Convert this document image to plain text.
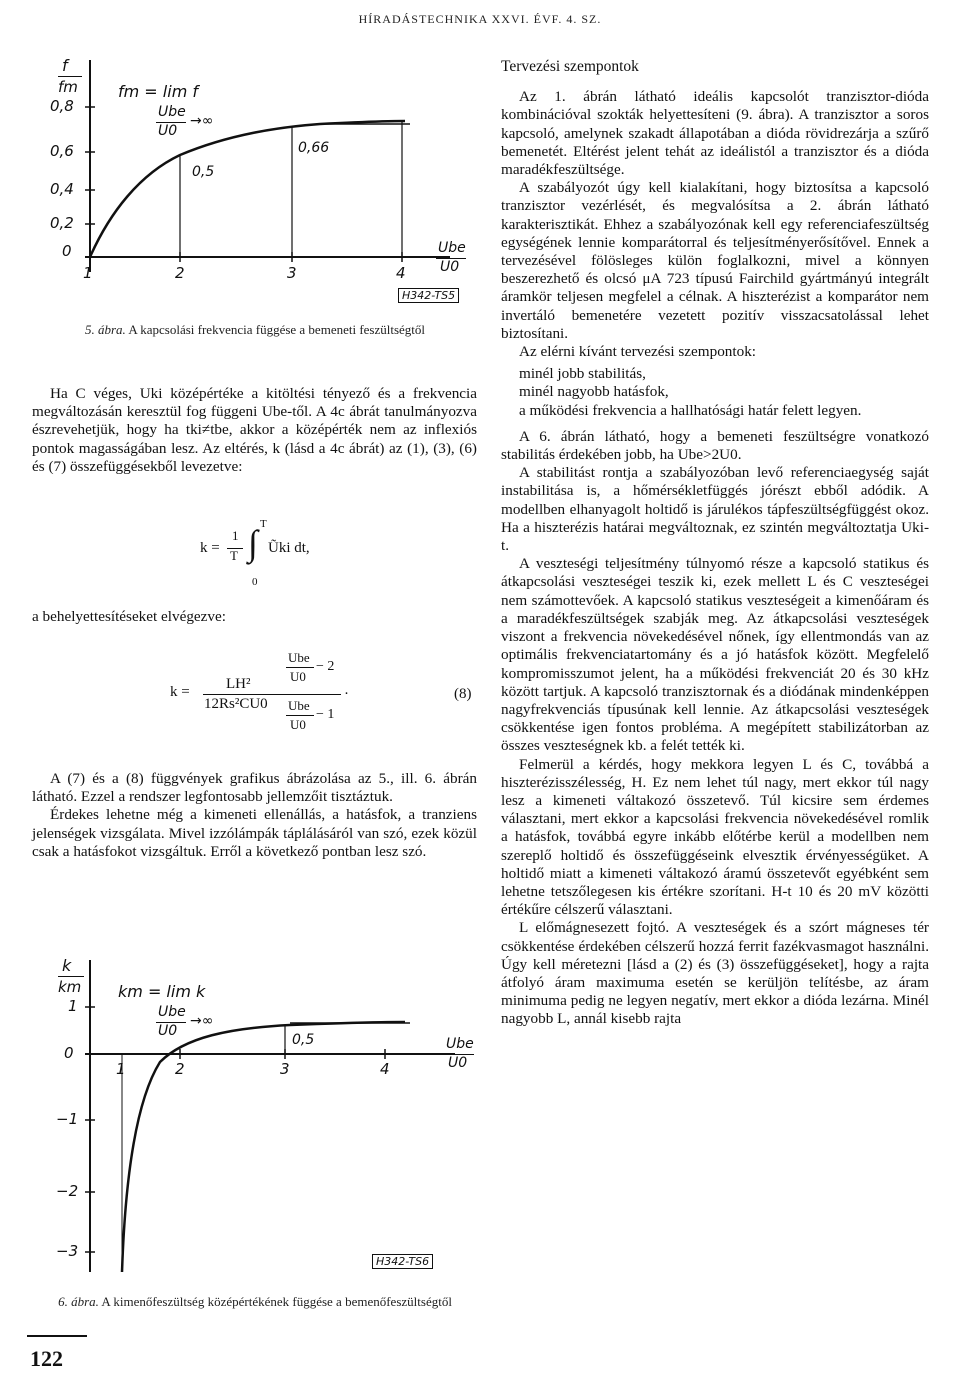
HÍRADÁSTECHNIKA XXVI. ÉVF. 4. SZ.
f
fm
0,8
0,6
0,4
0,2
0
1	2	3	4
fm = lim f
Ube
U0
→∞
0,5
0,66
Ube
U0
H342-TS5
5. ábra. A kapcsolási frekvencia függése a bemeneti feszültségtől

Ha C véges, Uki középértéke a kitöltési tényező és a frekvencia megváltozásán keresztül fog függeni Ube-től. A 4c ábrát tanulmányozva észrevehetjük, hogy ha tki≠tbe, akkor a középérték nem az inflexiós pontok magasságában lesz. Az eltérés, k (lásd a 4c ábrát) az (1), (3), (6) és (7) összefüggésekből levezetve:

k =
1
T
T
∫
0
Ũki dt,

a behelyettesítéseket elvégezve:

k = LH²
12Rs²CU0
Ube
U0
− 2
Ube
U0
− 1
·	(8)

A (7) és a (8) függvények grafikus ábrázolása az 5., ill. 6. ábrán látható. Ezzel a rendszer legfontosabb jellemzőit tisztáztuk.

Érdekes lehetne még a kimeneti ellenállás, a hatásfok, a tranziens jelenségek vizsgálata. Mivel izzólámpák táplálásáról van szó, ezek közül csak a hatásfokot vizsgáltuk. Erről a következő pontban lesz szó.

k
km
1
0
−1
−2
−3
1	2	3	4
km = lim k
Ube
U0
→∞
0,5	Ube
U0
H342-TS6
6. ábra. A kimenőfeszültség középértékének függése a bemenőfeszültségtől
122
Tervezési szempontok

Az 1. ábrán látható ideális kapcsolót tranzisztor-dióda kombinációval szokták helyettesíteni (9. ábra). A tranzisztor a soros kapcsoló, amelynek szakadt állapotában a dióda rövidrezárja a szűrő bemenetét. Eltérést jelent tehát az ideálistól a tranzisztor és a dióda maradékfeszültsége.

A szabályozót úgy kell kialakítani, hogy biztosítsa a kapcsoló tranzisztor vezérlését, és megvalósítsa a 2. ábrán látható karakterisztikát. Ehhez a szabályozónak kell egy referenciafeszültség egységének lennie komparátorral és teljesítményerősítővel. Ennek a tervezésével fölösleges külön foglalkozni, mivel a könnyen beszerezhető és olcsó μA 723 típusú Fairchild gyártmányú integrált áramkör teljesen megfelel a célnak. A hiszterézist a komparátor nem invertáló bemenetére vezetett pozitív visszacsatolással lehet biztosítani.

Az elérni kívánt tervezési szempontok:

minél jobb stabilitás,
minél nagyobb hatásfok,
a működési frekvencia a hallhatósági határ felett legyen.

A 6. ábrán látható, hogy a bemeneti feszültségre vonatkozó stabilitás érdekében jobb, ha Ube>2U0.

A stabilitást rontja a szabályozóban levő referenciaegység saját instabilitása is, a hőmérsékletfüggés jórészt ebből adódik. A modellben elhanyagolt holtidő is járulékos tápfeszültségfüggést okoz. Ha a hiszterézis határai megváltoznak, ez szintén megváltoztatja Uki-t.

A veszteségi teljesítmény túlnyomó része a kapcsoló statikus és átkapcsolási veszteségei teszik ki, ezek mellett L és C veszteségei nem számottevőek. A kapcsoló statikus veszteségeit a kimenőáram és a maradékfeszültségek szabják meg. Az átkapcsolási veszteségek viszont a frekvencia növekedésével nőnek, így ellentmondás van az optimális frekvenciatartomány és a jó hatásfok között. Megfelelő kompromisszumot jelent, ha a működési frekvenciát 20 és 30 kHz között tartjuk. A kapcsoló tranzisztornak és a diódának mindenképpen nagyfrekvenciás típusúnak kell lennie. Az átkapcsolási veszteségek csökkentése igen fontos probléma. A megépített stabilizátorban az összes veszteségnek kb. a felét tették ki.

Felmerül a kérdés, hogy mekkora legyen L és C, továbbá a hiszterézisszélesség, H. Ez nem lehet túl nagy, mert ekkor túl nagy lesz a kimeneti váltakozó összetevő. Túl kicsire sem érdemes választani, mert ekkor a kapcsolási frekvencia növekedésével romlik a hatásfok, továbbá egyre inkább előtérbe kerül a modellben nem szereplő holtidő és összefüggéseink elvesztik érvényességüket. A holtidő miatt a kimeneti váltakozó áramú összetevőt egyébként sem lehetne tetszőlegesen kis értékre szorítani. H-t 10 és 20 mV közötti értékűre célszerű választani.

L előmágnesezett fojtó. A veszteségek és a szórt mágneses tér csökkentése érdekében célszerű hozzá ferrit fazékvasmagot használni. Úgy kell méretezni [lásd a (2) és (3) összefüggéseket], hogy a rajta átfolyó áram maximuma esetén se kerüljön telítésbe, az áram minimuma pedig ne legyen negatív, mert ekkor a dióda lezárna. Minél nagyobb L, annál kisebb rajta
